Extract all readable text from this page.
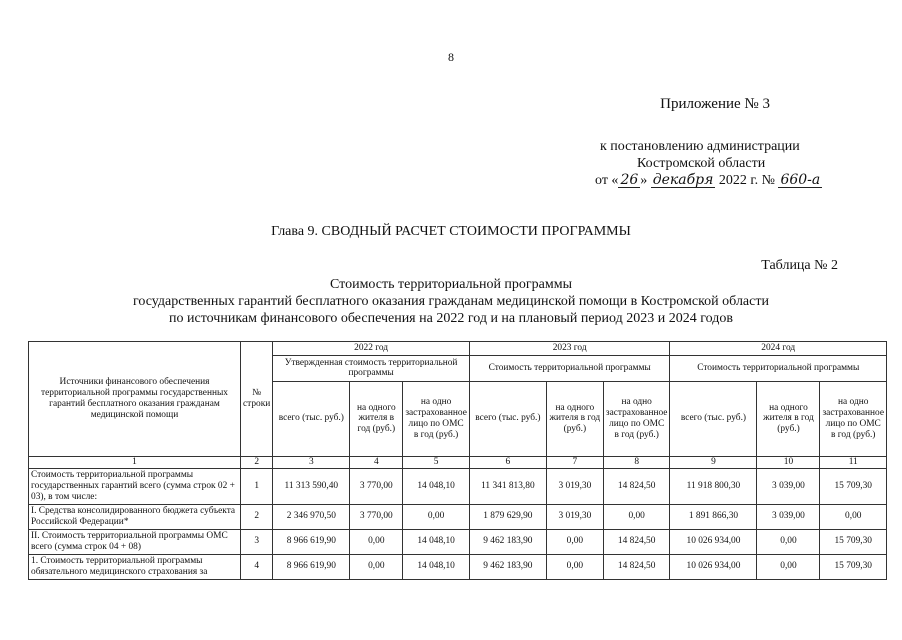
8
Приложение № 3
к постановлению администрации
Костромской области
от « 26 » декабря 2022 г. № 660-а
Глава 9. СВОДНЫЙ РАСЧЕТ СТОИМОСТИ ПРОГРАММЫ
Таблица № 2
Стоимость территориальной программы
государственных гарантий бесплатного оказания гражданам медицинской помощи в Костромской области
по источникам финансового обеспечения на 2022 год и на плановый период 2023 и 2024 годов
Источники финансового обеспечения территориальной программы государственных гарантий бесплатного оказания гражданам медицинской помощи	№ строки	2022 год			2023 год			2024 год		
		Утвержденная стоимость территориальной программы			Стоимость территориальной программы			Стоимость территориальной программы		
		всего (тыс. руб.)	на одного жителя в год (руб.)	на одно застрахованное лицо по ОМС в год (руб.)	всего (тыс. руб.)	на одного жителя в год (руб.)	на одно застрахованное лицо по ОМС в год (руб.)	всего (тыс. руб.)	на одного жителя в год (руб.)	на одно застрахованное лицо по ОМС в год (руб.)
1	2	3	4	5	6	7	8	9	10	11
Стоимость территориальной программы государственных гарантий всего (сумма строк 02 + 03), в том числе:	1	11 313 590,40	3 770,00	14 048,10	11 341 813,80	3 019,30	14 824,50	11 918 800,30	3 039,00	15 709,30
I. Средства консолидированного бюджета субъекта Российской Федерации*	2	2 346 970,50	3 770,00	0,00	1 879 629,90	3 019,30	0,00	1 891 866,30	3 039,00	0,00
II. Стоимость территориальной программы ОМС всего (сумма строк 04 + 08)	3	8 966 619,90	0,00	14 048,10	9 462 183,90	0,00	14 824,50	10 026 934,00	0,00	15 709,30
1. Стоимость территориальной программы обязательного медицинского страхования за	4	8 966 619,90	0,00	14 048,10	9 462 183,90	0,00	14 824,50	10 026 934,00	0,00	15 709,30
